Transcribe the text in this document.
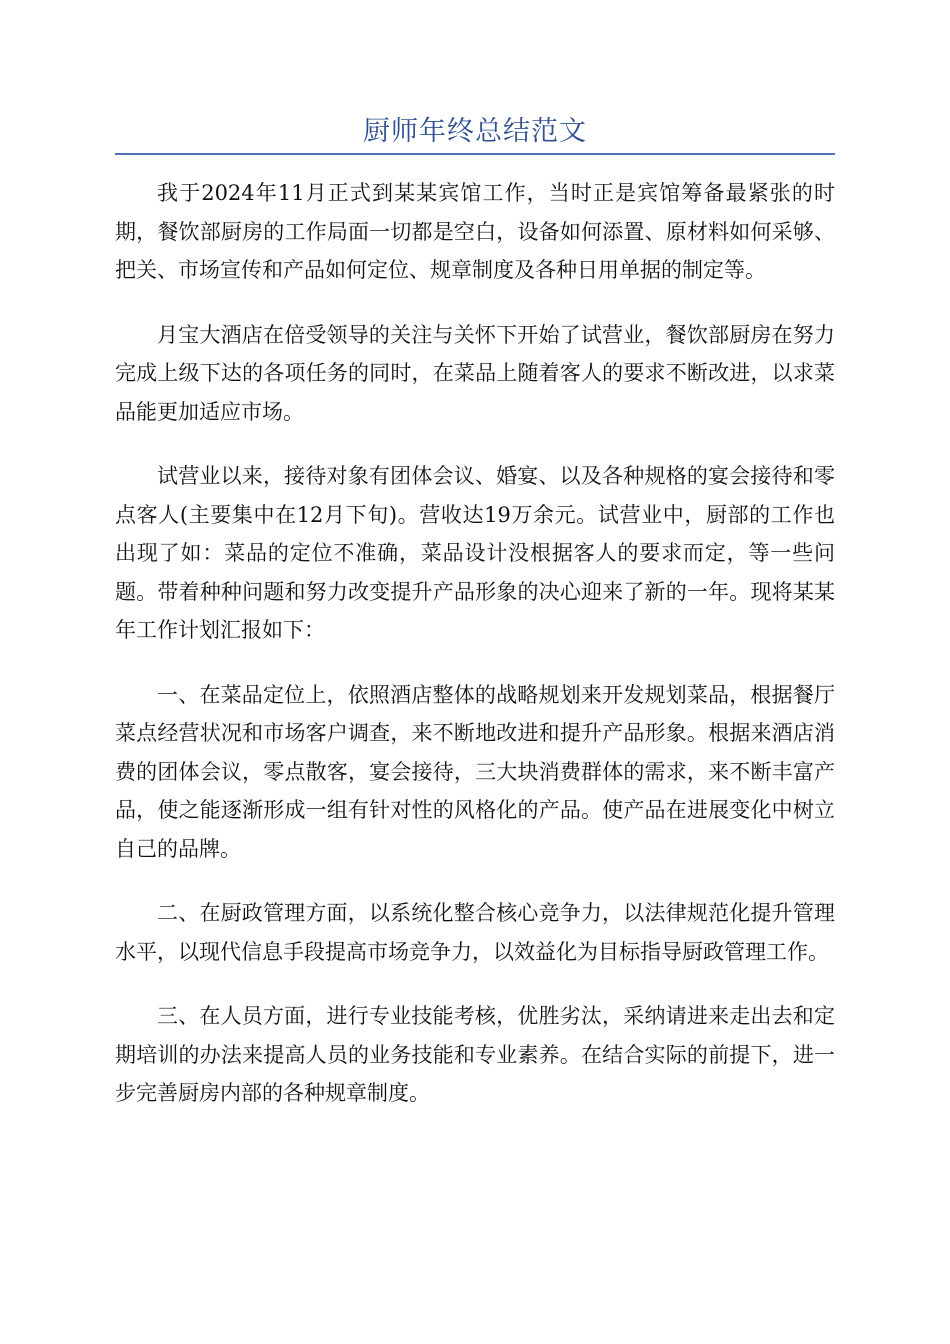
厨师年终总结范文

我于2024年11月正式到某某宾馆工作，当时正是宾馆筹备最紧张的时期，餐饮部厨房的工作局面一切都是空白，设备如何添置、原材料如何采够、把关、市场宣传和产品如何定位、规章制度及各种日用单据的制定等。

月宝大酒店在倍受领导的关注与关怀下开始了试营业，餐饮部厨房在努力完成上级下达的各项任务的同时，在菜品上随着客人的要求不断改进，以求菜品能更加适应市场。

试营业以来，接待对象有团体会议、婚宴、以及各种规格的宴会接待和零点客人(主要集中在12月下旬)。营收达19万余元。试营业中，厨部的工作也出现了如：菜品的定位不准确，菜品设计没根据客人的要求而定，等一些问题。带着种种问题和努力改变提升产品形象的决心迎来了新的一年。现将某某年工作计划汇报如下：

一、在菜品定位上，依照酒店整体的战略规划来开发规划菜品，根据餐厅菜点经营状况和市场客户调查，来不断地改进和提升产品形象。根据来酒店消费的团体会议，零点散客，宴会接待，三大块消费群体的需求，来不断丰富产品，使之能逐渐形成一组有针对性的风格化的产品。使产品在进展变化中树立自己的品牌。

二、在厨政管理方面，以系统化整合核心竞争力，以法律规范化提升管理水平，以现代信息手段提高市场竞争力，以效益化为目标指导厨政管理工作。

三、在人员方面，进行专业技能考核，优胜劣汰，采纳请进来走出去和定期培训的办法来提高人员的业务技能和专业素养。在结合实际的前提下，进一步完善厨房内部的各种规章制度。
